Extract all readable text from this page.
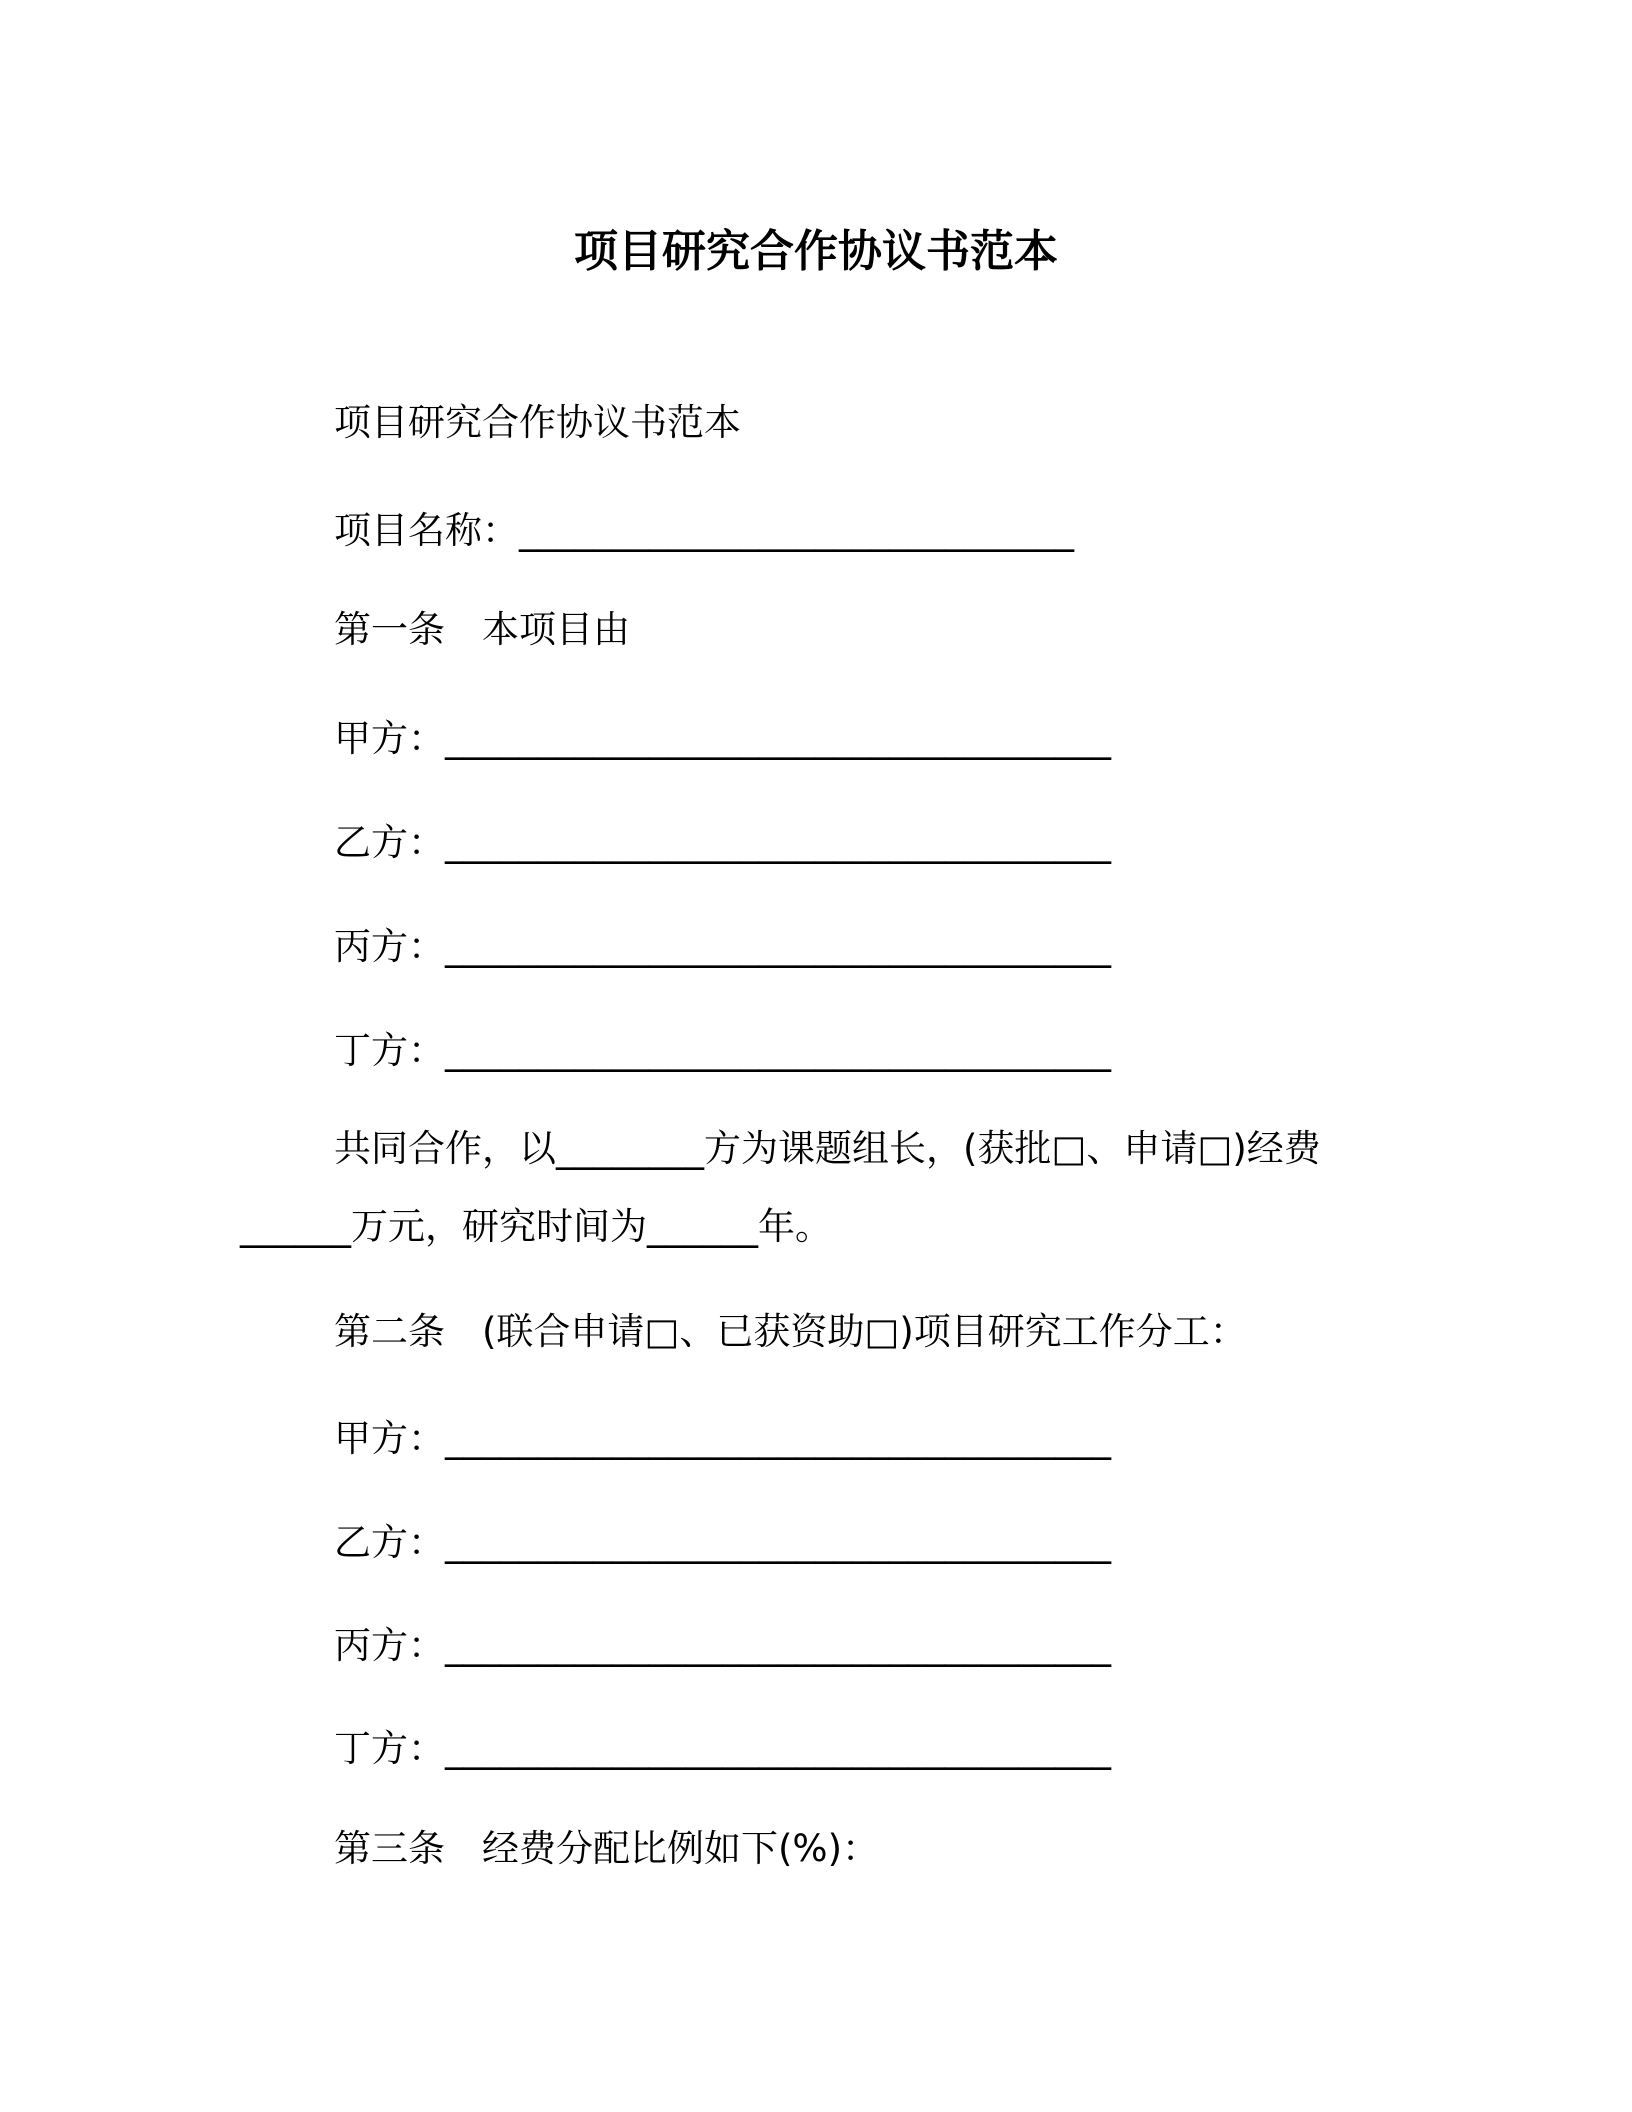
项目研究合作协议书范本
项目研究合作协议书范本
项目名称：______________________________
第一条　本项目由
甲方：____________________________________
乙方：____________________________________
丙方：____________________________________
丁方：____________________________________
共同合作，以________方为课题组长，(获批□、申请□)经费
______万元，研究时间为______年。
第二条　(联合申请□、已获资助□)项目研究工作分工：
甲方：____________________________________
乙方：____________________________________
丙方：____________________________________
丁方：____________________________________
第三条　经费分配比例如下(%)：
